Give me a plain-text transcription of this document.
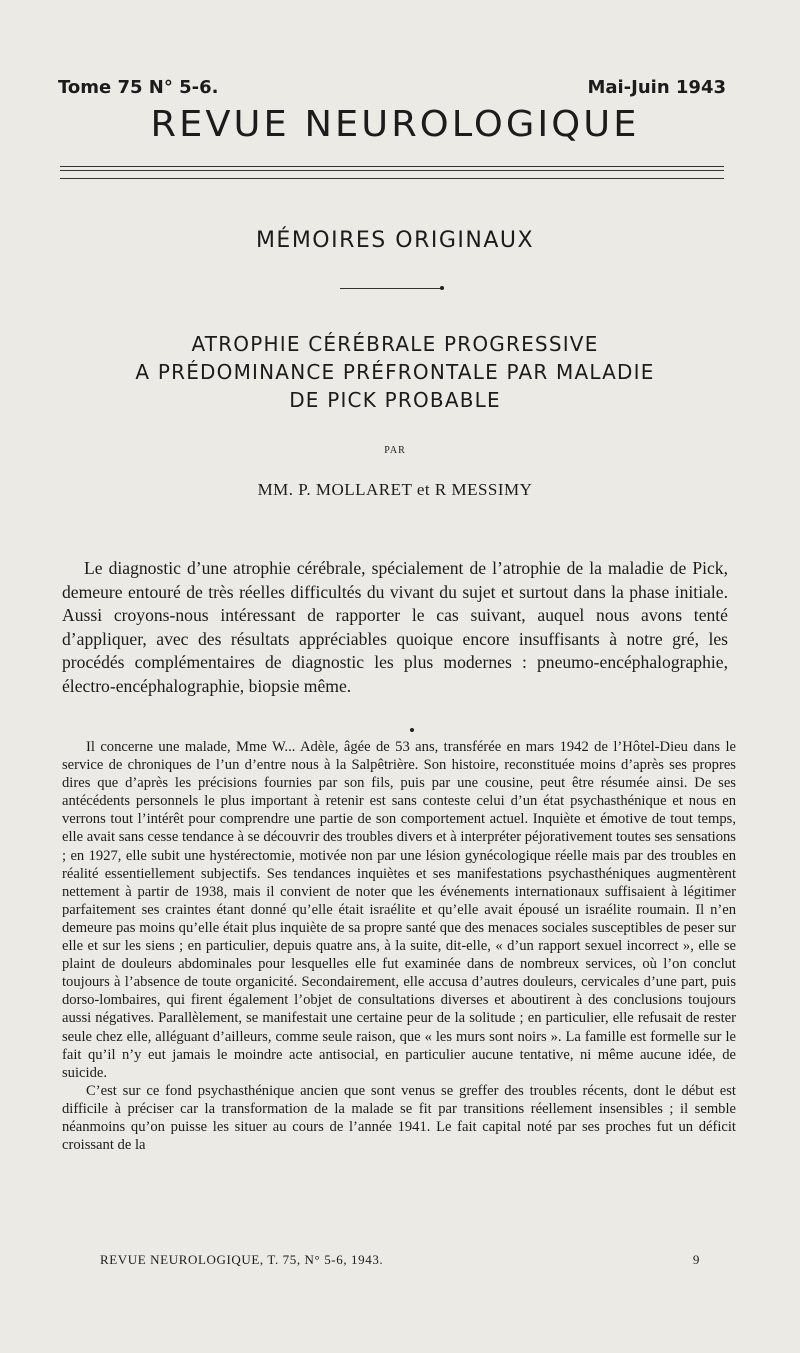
Tome 75 N° 5-6.	Mai-Juin 1943
REVUE NEUROLOGIQUE
MÉMOIRES ORIGINAUX
ATROPHIE CÉRÉBRALE PROGRESSIVE
A PRÉDOMINANCE PRÉFRONTALE PAR MALADIE
DE PICK PROBABLE
PAR
MM. P. MOLLARET et R MESSIMY

Le diagnostic d’une atrophie cérébrale, spécialement de l’atrophie de la maladie de Pick, demeure entouré de très réelles difficultés du vivant du sujet et surtout dans la phase initiale. Aussi croyons-nous intéressant de rapporter le cas suivant, auquel nous avons tenté d’appliquer, avec des résultats appréciables quoique encore insuffisants à notre gré, les procédés complémentaires de diagnostic les plus modernes : pneumo-encéphalographie, électro-encéphalographie, biopsie même.

Il concerne une malade, Mme W... Adèle, âgée de 53 ans, transférée en mars 1942 de l’Hôtel-Dieu dans le service de chroniques de l’un d’entre nous à la Salpêtrière. Son histoire, reconstituée moins d’après ses propres dires que d’après les précisions fournies par son fils, puis par une cousine, peut être résumée ainsi. De ses antécédents personnels le plus important à retenir est sans conteste celui d’un état psychasthénique et nous en verrons tout l’intérêt pour comprendre une partie de son comportement actuel. Inquiète et émotive de tout temps, elle avait sans cesse tendance à se découvrir des troubles divers et à interpréter péjorativement toutes ses sensations ; en 1927, elle subit une hystérectomie, motivée non par une lésion gynécologique réelle mais par des troubles en réalité essentiellement subjectifs. Ses tendances inquiètes et ses manifestations psychasthéniques augmentèrent nettement à partir de 1938, mais il convient de noter que les événements internationaux suffisaient à légitimer parfaitement ses craintes étant donné qu’elle était israélite et qu’elle avait épousé un israélite roumain. Il n’en demeure pas moins qu’elle était plus inquiète de sa propre santé que des menaces sociales susceptibles de peser sur elle et sur les siens ; en particulier, depuis quatre ans, à la suite, dit-elle, « d’un rapport sexuel incorrect », elle se plaint de douleurs abdominales pour lesquelles elle fut examinée dans de nombreux services, où l’on conclut toujours à l’absence de toute organicité. Secondairement, elle accusa d’autres douleurs, cervicales d’une part, puis dorso-lombaires, qui firent également l’objet de consultations diverses et aboutirent à des conclusions toujours aussi négatives. Parallèlement, se manifestait une certaine peur de la solitude ; en particulier, elle refusait de rester seule chez elle, alléguant d’ailleurs, comme seule raison, que « les murs sont noirs ». La famille est formelle sur le fait qu’il n’y eut jamais le moindre acte antisocial, en particulier aucune tentative, ni même aucune idée, de suicide.

C’est sur ce fond psychasthénique ancien que sont venus se greffer des troubles récents, dont le début est difficile à préciser car la transformation de la malade se fit par transitions réellement insensibles ; il semble néanmoins qu’on puisse les situer au cours de l’année 1941. Le fait capital noté par ses proches fut un déficit croissant de la

REVUE NEUROLOGIQUE, T. 75, N° 5-6, 1943.	9
